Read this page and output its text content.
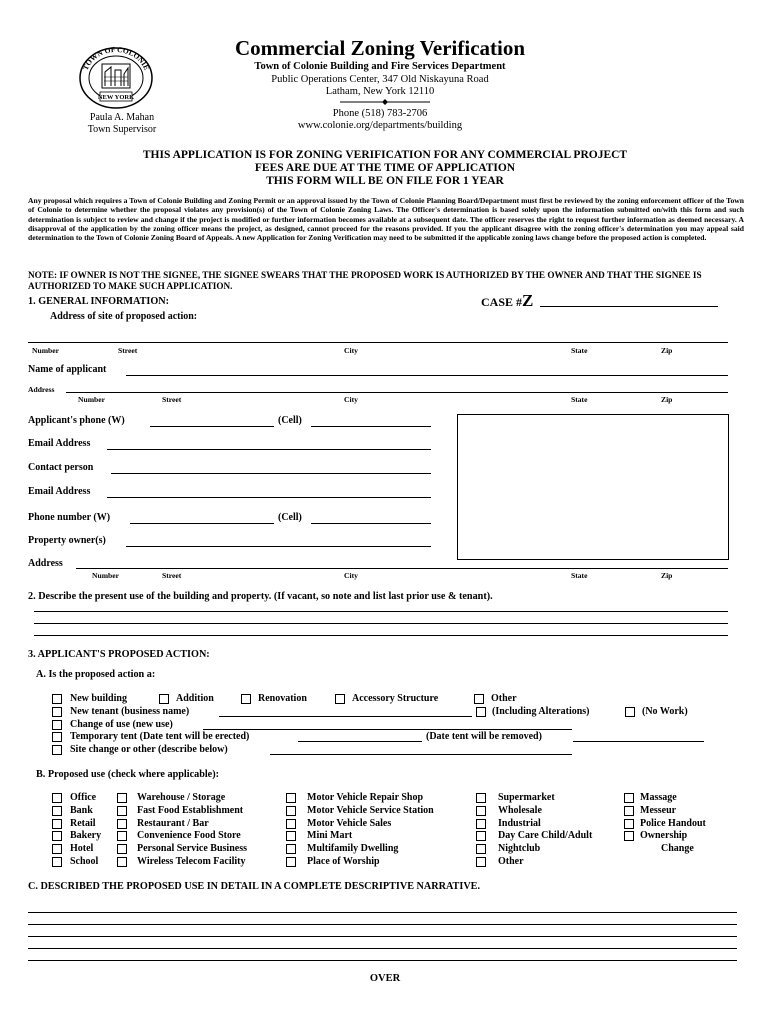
TOWN OF COLONIE
NEW YORK
Commercial Zoning Verification
Town of Colonie Building and Fire Services Department
Public Operations Center, 347 Old Niskayuna Road
Latham, New York 12110
Phone (518) 783-2706
www.colonie.org/departments/building
Paula A. Mahan
Town Supervisor
THIS APPLICATION IS FOR ZONING VERIFICATION FOR ANY COMMERCIAL PROJECT
FEES ARE DUE AT THE TIME OF APPLICATION
THIS FORM WILL BE ON FILE FOR 1 YEAR
Any proposal which requires a Town of Colonie Building and Zoning Permit or an approval issued by the Town of Colonie Planning Board/Department must first be reviewed by the zoning enforcement officer of the Town of Colonie to determine whether the proposal violates any provision(s) of the Town of Colonie Zoning Laws. The Officer's determination is based solely upon the information submitted on/with this form and such determination is subject to review and change if the project is modified or further information becomes available at a subsequent date. The officer reserves the right to request further information as deemed necessary. A disapproval of the application by the zoning officer means the project, as designed, cannot proceed for the reasons provided. If you the applicant disagree with the zoning officer's determination you may appeal said determination to the Town of Colonie Zoning Board of Appeals. A new Application for Zoning Verification may need to be submitted if the applicable zoning laws change before the proposed action is completed.
NOTE: IF OWNER IS NOT THE SIGNEE, THE SIGNEE SWEARS THAT THE PROPOSED WORK IS AUTHORIZED BY THE OWNER AND THAT THE SIGNEE IS AUTHORIZED TO MAKE SUCH APPLICATION.
1. GENERAL INFORMATION:	CASE #Z
Address of site of proposed action:
Number	Street	City	State	Zip
Name of applicant
Address
Number	Street	City	State	Zip
Applicant's phone (W)	(Cell)
Email Address
Contact person
Email Address
Phone number (W)	(Cell)
Property owner(s)
Address
Number	Street	City	State	Zip
2. Describe the present use of the building and property. (If vacant, so note and list last prior use & tenant).
3. APPLICANT'S PROPOSED ACTION:
A. Is the proposed action a:
New building	Addition	Renovation	Accessory Structure	Other
New tenant (business name)	(Including Alterations)	(No Work)
Change of use (new use)
Temporary tent (Date tent will be erected)	(Date tent will be removed)
Site change or other (describe below)
B. Proposed use (check where applicable):
Office
Bank
Retail
Bakery
Hotel
School
Warehouse / Storage
Fast Food Establishment
Restaurant / Bar
Convenience Food Store
Personal Service Business
Wireless Telecom Facility
Motor Vehicle Repair Shop
Motor Vehicle Service Station
Motor Vehicle Sales
Mini Mart
Multifamily Dwelling
Place of Worship
Supermarket
Wholesale
Industrial
Day Care Child/Adult
Nightclub
Other
Massage
Messeur
Police Handout
Ownership
Change
C. DESCRIBED THE PROPOSED USE IN DETAIL IN A COMPLETE DESCRIPTIVE NARRATIVE.
OVER
